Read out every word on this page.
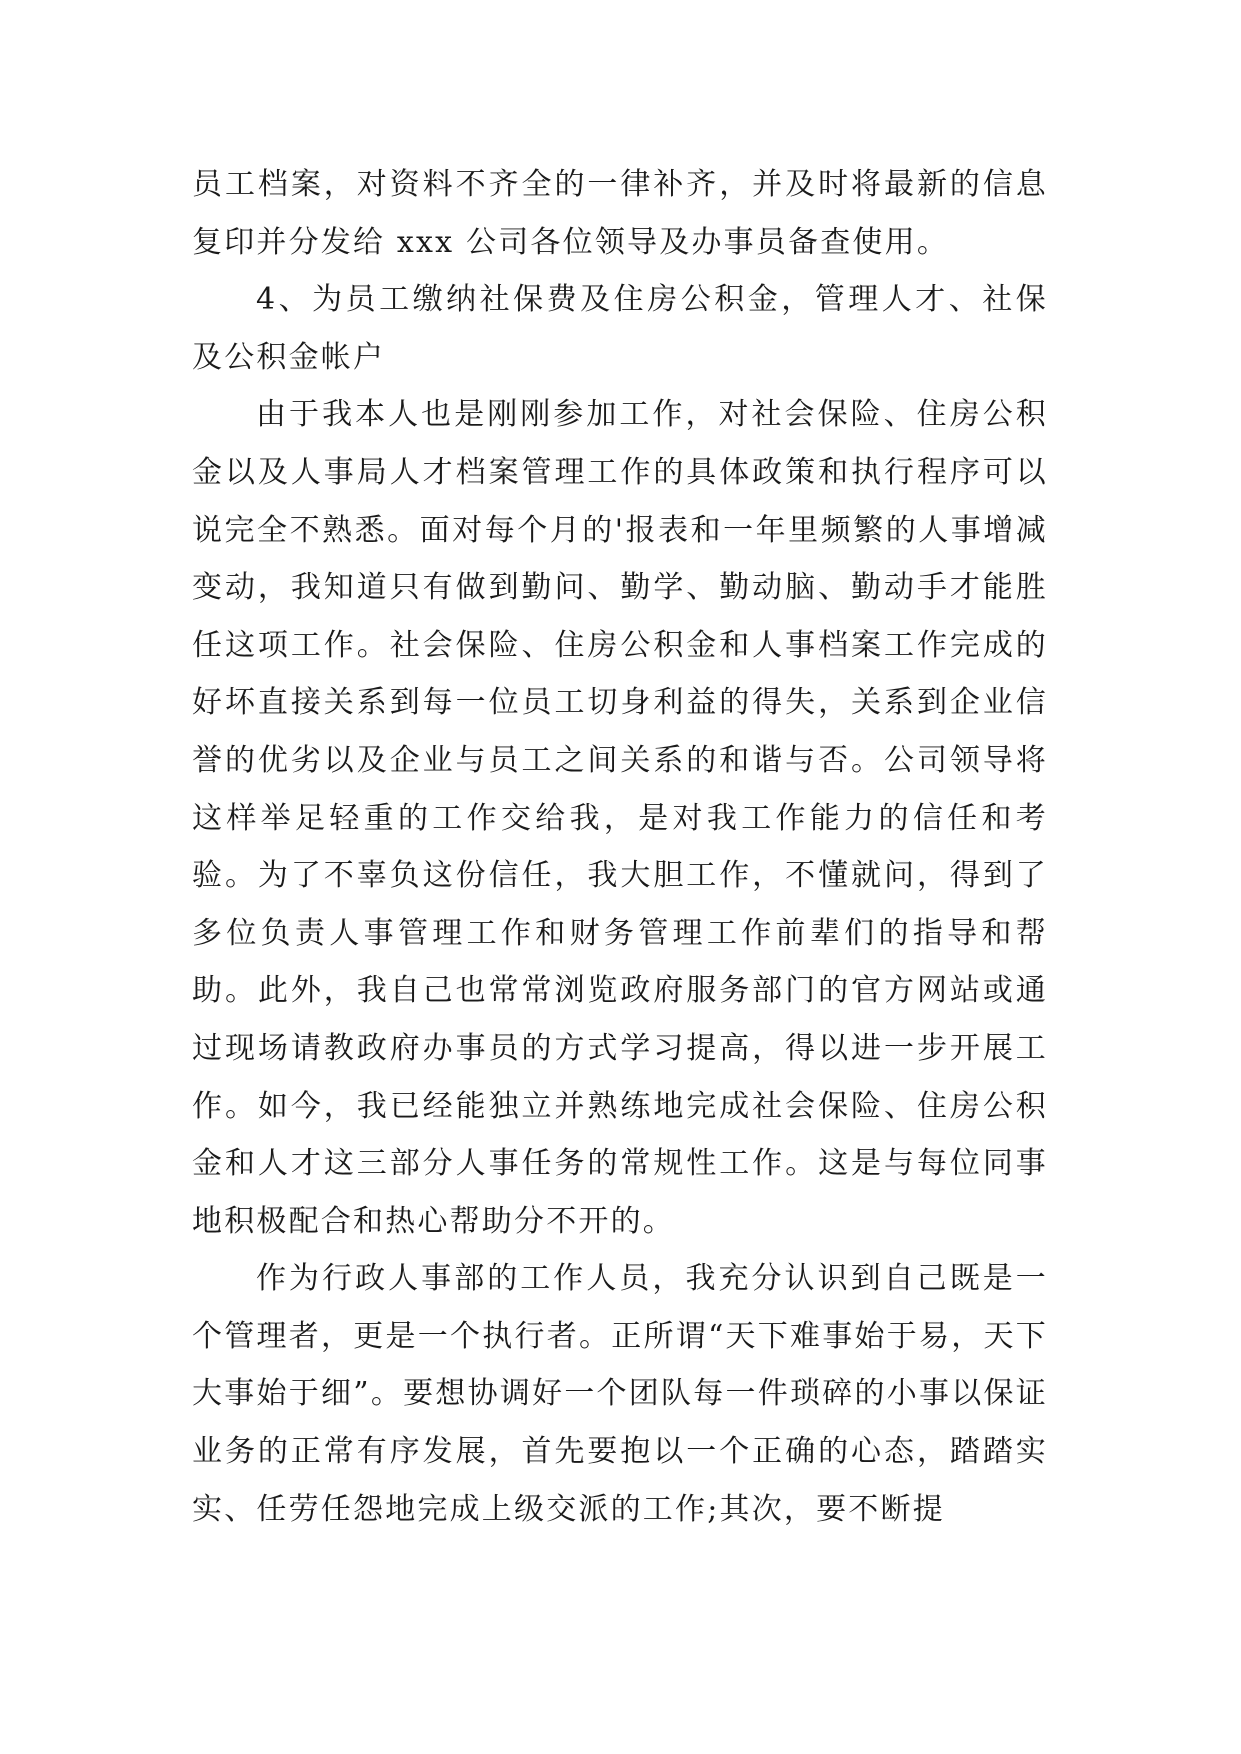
员工档案，对资料不齐全的一律补齐，并及时将最新的信息复印并分发给 xxx 公司各位领导及办事员备查使用。

4、为员工缴纳社保费及住房公积金，管理人才、社保及公积金帐户

由于我本人也是刚刚参加工作，对社会保险、住房公积金以及人事局人才档案管理工作的具体政策和执行程序可以说完全不熟悉。面对每个月的'报表和一年里频繁的人事增减变动，我知道只有做到勤问、勤学、勤动脑、勤动手才能胜任这项工作。社会保险、住房公积金和人事档案工作完成的好坏直接关系到每一位员工切身利益的得失，关系到企业信誉的优劣以及企业与员工之间关系的和谐与否。公司领导将这样举足轻重的工作交给我，是对我工作能力的信任和考验。为了不辜负这份信任，我大胆工作，不懂就问，得到了多位负责人事管理工作和财务管理工作前辈们的指导和帮助。此外，我自己也常常浏览政府服务部门的官方网站或通过现场请教政府办事员的方式学习提高，得以进一步开展工作。如今，我已经能独立并熟练地完成社会保险、住房公积金和人才这三部分人事任务的常规性工作。这是与每位同事地积极配合和热心帮助分不开的。

作为行政人事部的工作人员，我充分认识到自己既是一个管理者，更是一个执行者。正所谓“天下难事始于易，天下大事始于细”。要想协调好一个团队每一件琐碎的小事以保证业务的正常有序发展，首先要抱以一个正确的心态，踏踏实实、任劳任怨地完成上级交派的工作;其次，要不断提
